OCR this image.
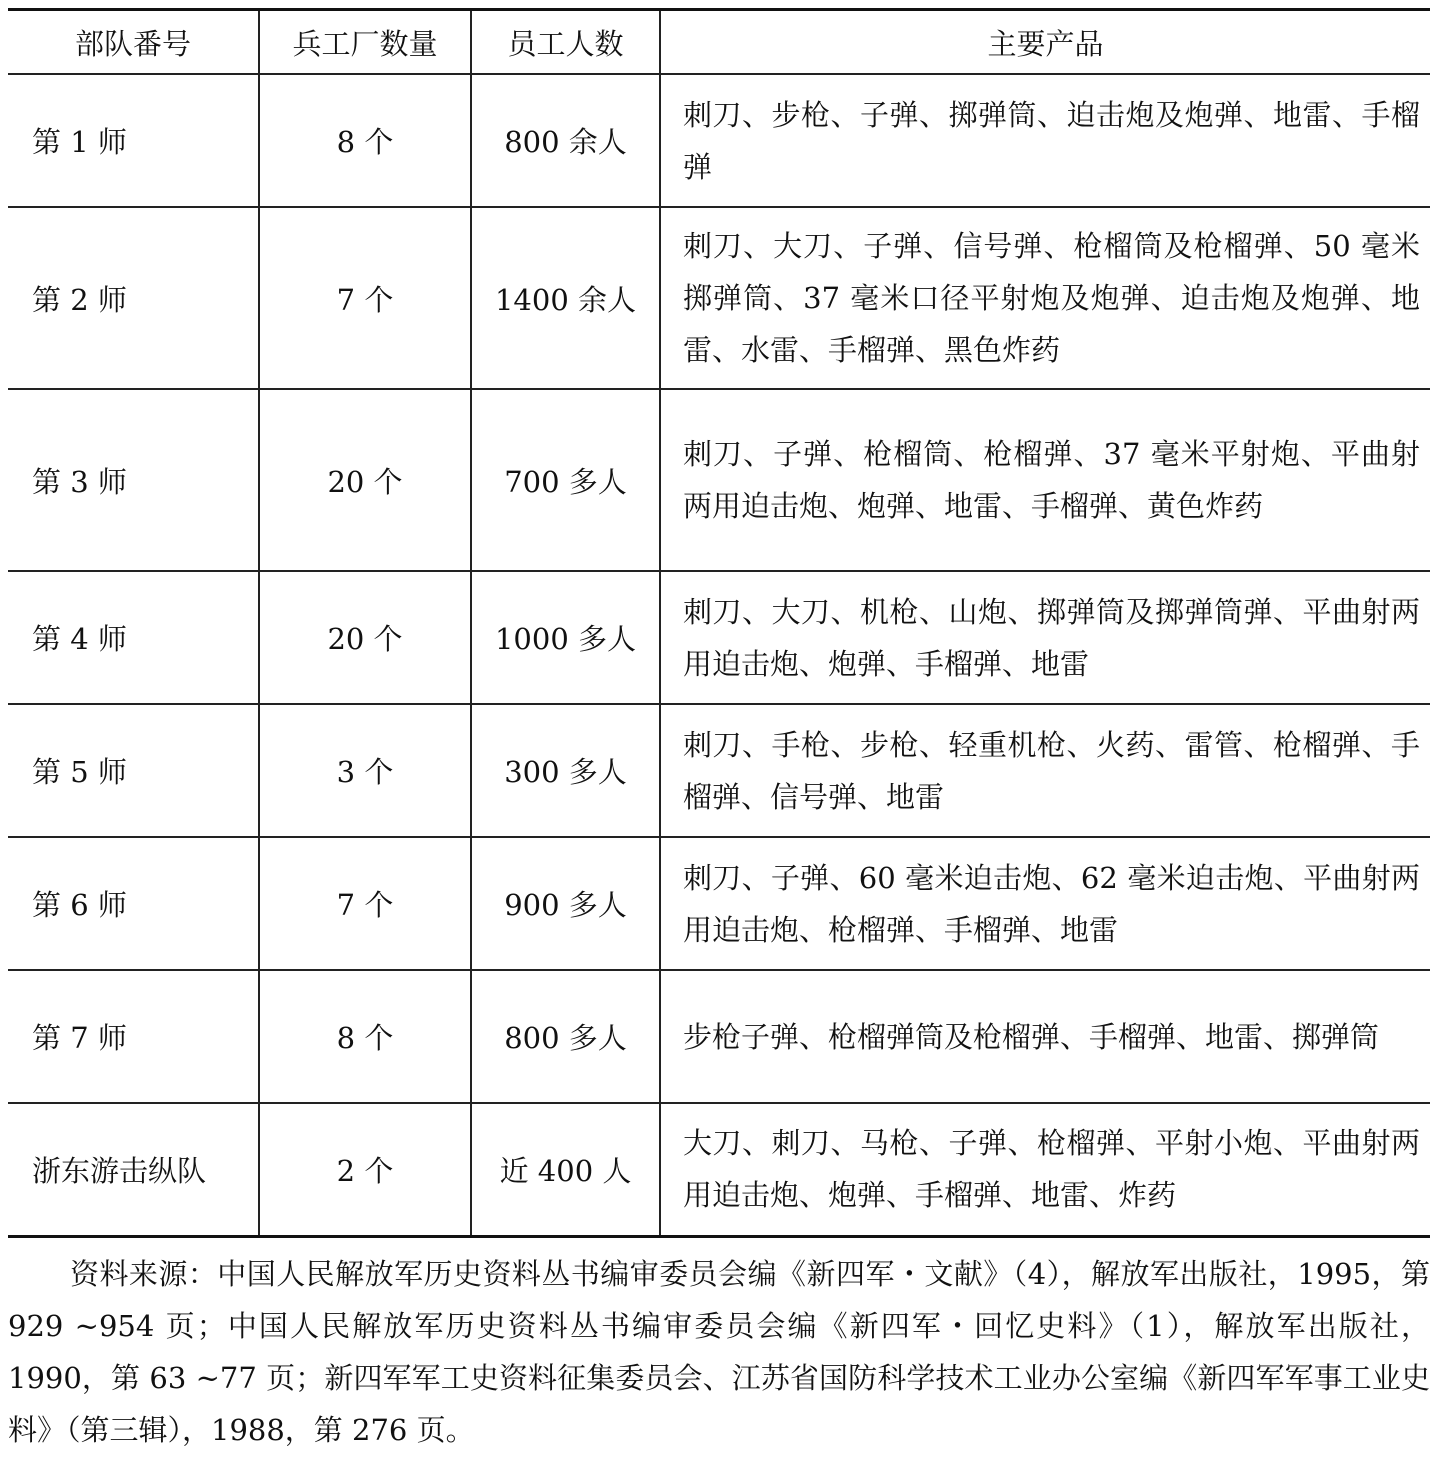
部队番号	兵工厂数量	员工人数	主要产品
第 1 师	8 个	800 余人	刺刀、步枪、子弹、掷弹筒、迫击炮及炮弹、地雷、手榴弹
第 2 师	7 个	1400 余人	刺刀、大刀、子弹、信号弹、枪榴筒及枪榴弹、50 毫米掷弹筒、37 毫米口径平射炮及炮弹、迫击炮及炮弹、地雷、水雷、手榴弹、黑色炸药
第 3 师	20 个	700 多人	刺刀、子弹、枪榴筒、枪榴弹、37 毫米平射炮、平曲射两用迫击炮、炮弹、地雷、手榴弹、黄色炸药
第 4 师	20 个	1000 多人	刺刀、大刀、机枪、山炮、掷弹筒及掷弹筒弹、平曲射两用迫击炮、炮弹、手榴弹、地雷
第 5 师	3 个	300 多人	刺刀、手枪、步枪、轻重机枪、火药、雷管、枪榴弹、手榴弹、信号弹、地雷
第 6 师	7 个	900 多人	刺刀、子弹、60 毫米迫击炮、62 毫米迫击炮、平曲射两用迫击炮、枪榴弹、手榴弹、地雷
第 7 师	8 个	800 多人	步枪子弹、枪榴弹筒及枪榴弹、手榴弹、地雷、掷弹筒
浙东游击纵队	2 个	近 400 人	大刀、刺刀、马枪、子弹、枪榴弹、平射小炮、平曲射两用迫击炮、炮弹、手榴弹、地雷、炸药

资料来源：中国人民解放军历史资料丛书编审委员会编《新四军・文献》（4），解放军出版社，1995，第 929 ~954 页；中国人民解放军历史资料丛书编审委员会编《新四军・回忆史料》（1），解放军出版社，1990，第 63 ~77 页；新四军军工史资料征集委员会、江苏省国防科学技术工业办公室编《新四军军事工业史料》（第三辑），1988，第 276 页。
